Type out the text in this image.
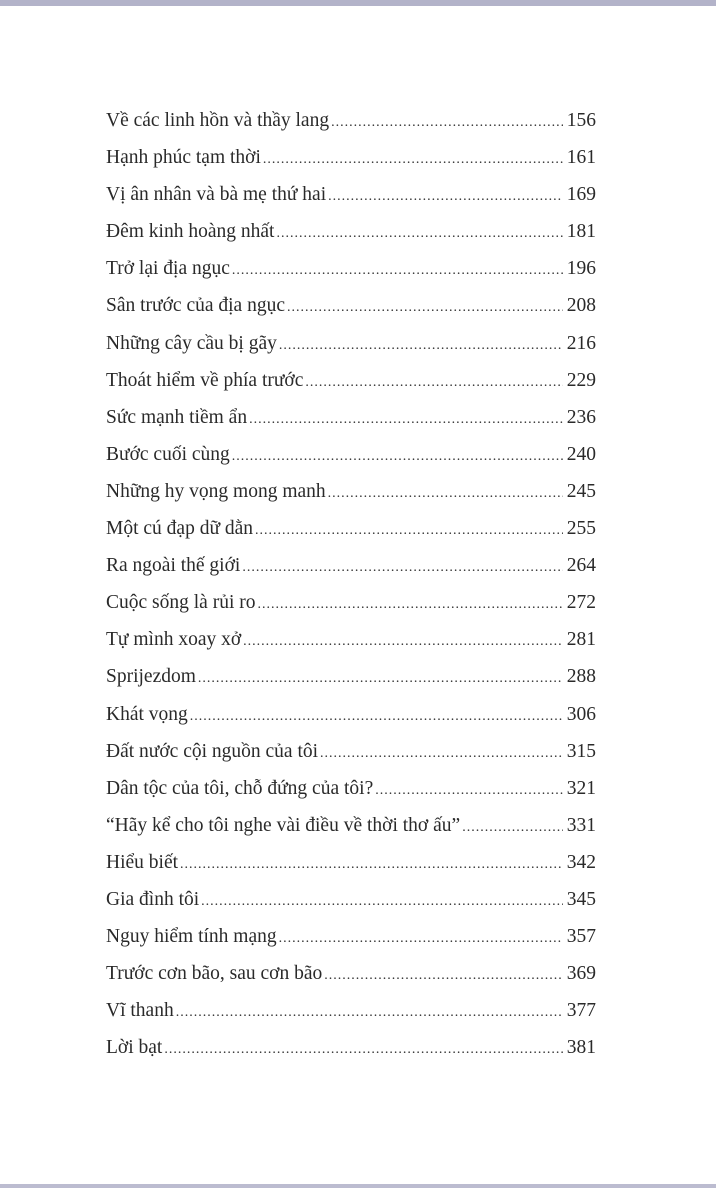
Về các linh hồn và thầy lang .....	156
Hạnh phúc tạm thời .....	161
Vị ân nhân và bà mẹ thứ hai .....	169
Đêm kinh hoàng nhất .....	181
Trở lại địa ngục .....	196
Sân trước của địa ngục .....	208
Những cây cầu bị gãy .....	216
Thoát hiểm về phía trước .....	229
Sức mạnh tiềm ẩn .....	236
Bước cuối cùng .....	240
Những hy vọng mong manh .....	245
Một cú đạp dữ dằn .....	255
Ra ngoài thế giới .....	264
Cuộc sống là rủi ro .....	272
Tự mình xoay xở .....	281
Sprijezdom .....	288
Khát vọng .....	306
Đất nước cội nguồn của tôi .....	315
Dân tộc của tôi, chỗ đứng của tôi? .....	321
“Hãy kể cho tôi nghe vài điều về thời thơ ấu” .....	331
Hiểu biết .....	342
Gia đình tôi .....	345
Nguy hiểm tính mạng .....	357
Trước cơn bão, sau cơn bão .....	369
Vĩ thanh .....	377
Lời bạt .....	381
